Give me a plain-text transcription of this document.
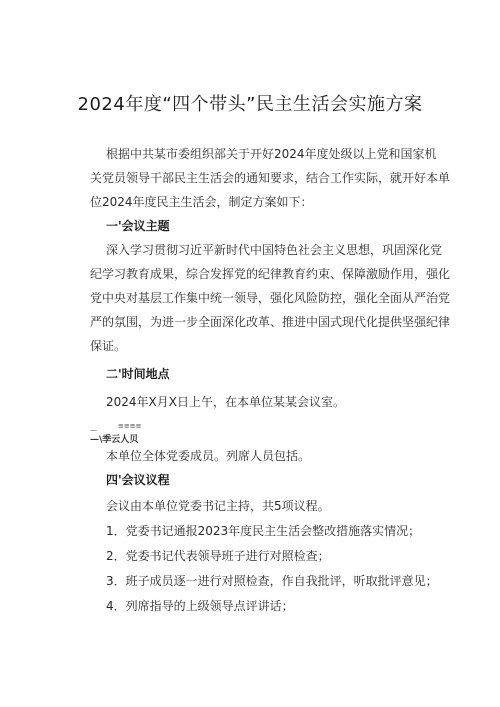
2024年度“四个带头”民主生活会实施方案
根据中共某市委组织部关于开好2024年度处级以上党和国家机
关党员领导干部民主生活会的通知要求，结合工作实际，就开好本单
位2024年度民主生活会，制定方案如下：
一'会议主题
深入学习贯彻习近平新时代中国特色社会主义思想，巩固深化党
纪学习教育成果，综合发挥党的纪律教育约束、保障激励作用，强化
党中央对基层工作集中统一领导，强化风险防控，强化全面从严治党
严的氛围，为进一步全面深化改革、推进中国式现代化提供坚强纪律
保证。
二'时间地点
2024年X月X日上午，在本单位某某会议室。
—	≡≡≡≡
—\季云人贝
本单位全体党委成员。列席人员包括。
四'会议议程
会议由本单位党委书记主持，共5项议程。
1．党委书记通报2023年度民主生活会整改措施落实情况；
2．党委书记代表领导班子进行对照检查；
3．班子成员逐一进行对照检查，作自我批评，听取批评意见；
4．列席指导的上级领导点评讲话；
